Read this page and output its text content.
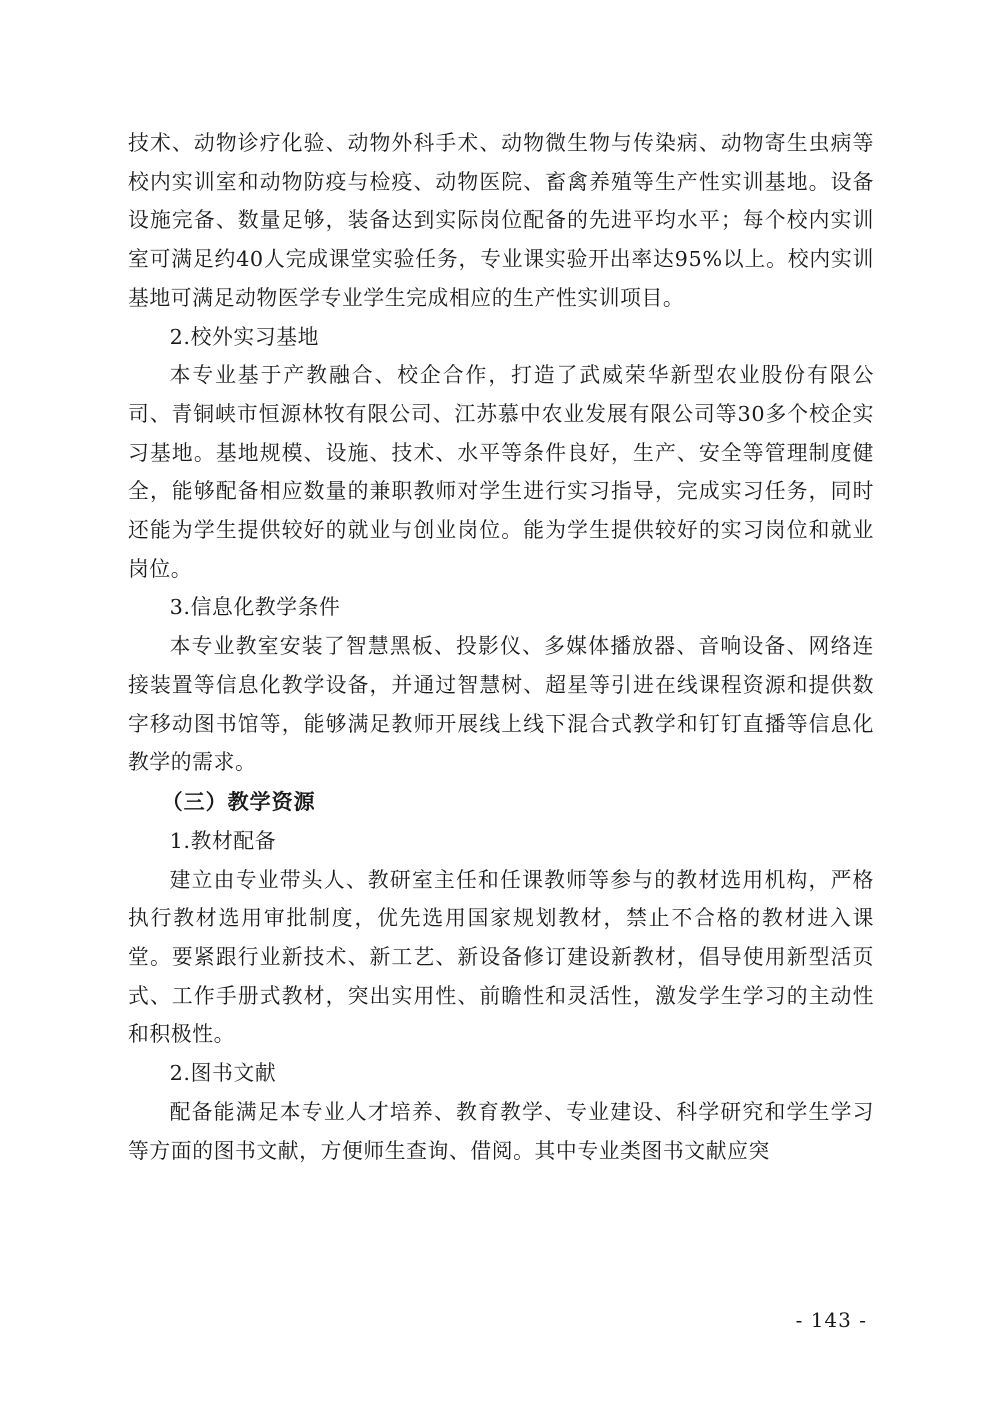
技术、动物诊疗化验、动物外科手术、动物微生物与传染病、动物寄生虫病等校内实训室和动物防疫与检疫、动物医院、畜禽养殖等生产性实训基地。设备设施完备、数量足够，装备达到实际岗位配备的先进平均水平；每个校内实训室可满足约40人完成课堂实验任务，专业课实验开出率达95%以上。校内实训基地可满足动物医学专业学生完成相应的生产性实训项目。

2.校外实习基地

本专业基于产教融合、校企合作，打造了武威荣华新型农业股份有限公司、青铜峡市恒源林牧有限公司、江苏慕中农业发展有限公司等30多个校企实习基地。基地规模、设施、技术、水平等条件良好，生产、安全等管理制度健全，能够配备相应数量的兼职教师对学生进行实习指导，完成实习任务，同时还能为学生提供较好的就业与创业岗位。能为学生提供较好的实习岗位和就业岗位。

3.信息化教学条件

本专业教室安装了智慧黑板、投影仪、多媒体播放器、音响设备、网络连接装置等信息化教学设备，并通过智慧树、超星等引进在线课程资源和提供数字移动图书馆等，能够满足教师开展线上线下混合式教学和钉钉直播等信息化教学的需求。

（三）教学资源

1.教材配备

建立由专业带头人、教研室主任和任课教师等参与的教材选用机构，严格执行教材选用审批制度，优先选用国家规划教材，禁止不合格的教材进入课堂。要紧跟行业新技术、新工艺、新设备修订建设新教材，倡导使用新型活页式、工作手册式教材，突出实用性、前瞻性和灵活性，激发学生学习的主动性和积极性。

2.图书文献

配备能满足本专业人才培养、教育教学、专业建设、科学研究和学生学习等方面的图书文献，方便师生查询、借阅。其中专业类图书文献应突

- 143 -
